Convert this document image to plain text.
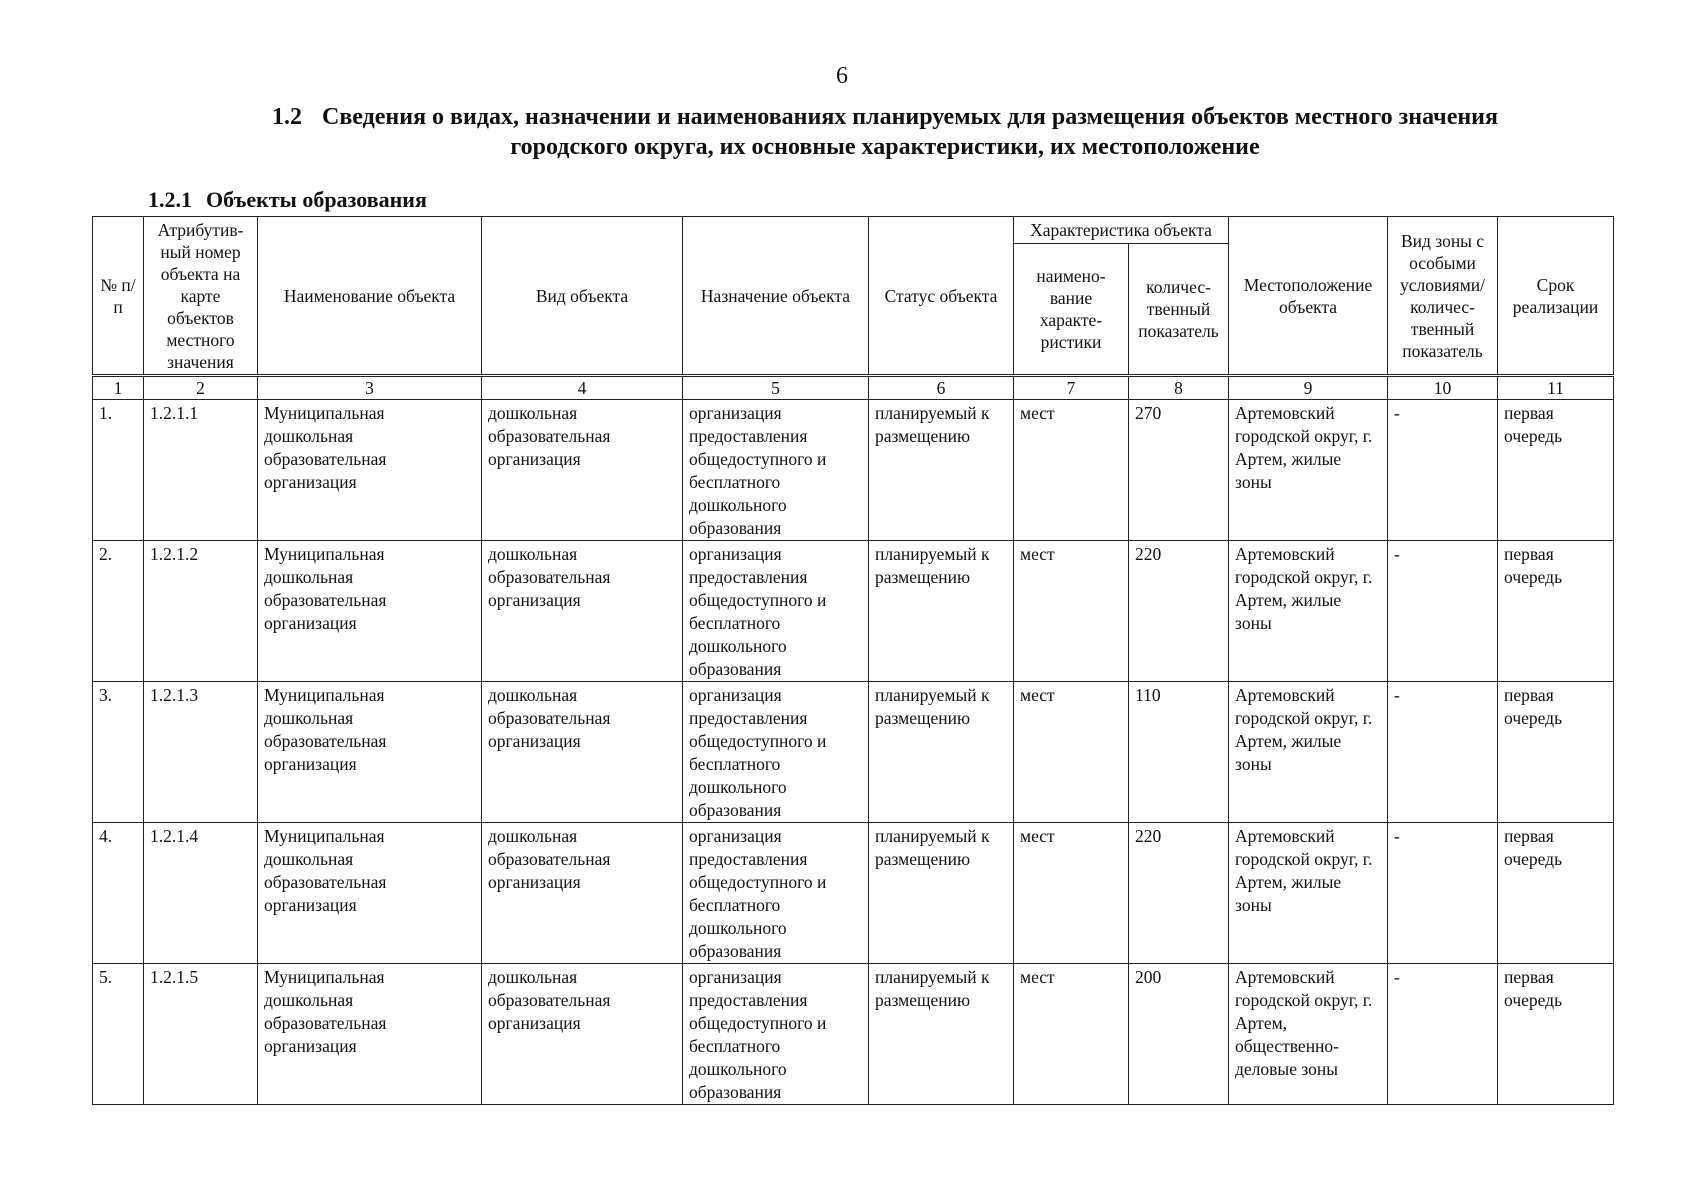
6
1.2 Сведения о видах, назначении и наименованиях планируемых для размещения объектов местного значения
городского округа, их основные характеристики, их местоположение
1.2.1 Объекты образования
№ п/п	Атрибутив-ный номер объекта на карте объектов местного значения	Наименование объекта	Вид объекта	Назначение объекта	Статус объекта	Характеристика объекта		Местоположение объекта	Вид зоны с особыми условиями/ количес-твенный показатель	Срок реализации
						наимено-вание характе-ристики	количес-твенный показатель			
1	2	3	4	5	6	7	8	9	10	11
1.	1.2.1.1	Муниципальная дошкольная образовательная организация	дошкольная образовательная организация	организация предоставления общедоступного и бесплатного дошкольного образования	планируемый к размещению	мест	270	Артемовский городской округ, г. Артем, жилые зоны	-	первая очередь
2.	1.2.1.2	Муниципальная дошкольная образовательная организация	дошкольная образовательная организация	организация предоставления общедоступного и бесплатного дошкольного образования	планируемый к размещению	мест	220	Артемовский городской округ, г. Артем, жилые зоны	-	первая очередь
3.	1.2.1.3	Муниципальная дошкольная образовательная организация	дошкольная образовательная организация	организация предоставления общедоступного и бесплатного дошкольного образования	планируемый к размещению	мест	110	Артемовский городской округ, г. Артем, жилые зоны	-	первая очередь
4.	1.2.1.4	Муниципальная дошкольная образовательная организация	дошкольная образовательная организация	организация предоставления общедоступного и бесплатного дошкольного образования	планируемый к размещению	мест	220	Артемовский городской округ, г. Артем, жилые зоны	-	первая очередь
5.	1.2.1.5	Муниципальная дошкольная образовательная организация	дошкольная образовательная организация	организация предоставления общедоступного и бесплатного дошкольного образования	планируемый к размещению	мест	200	Артемовский городской округ, г. Артем, общественно-деловые зоны	-	первая очередь
